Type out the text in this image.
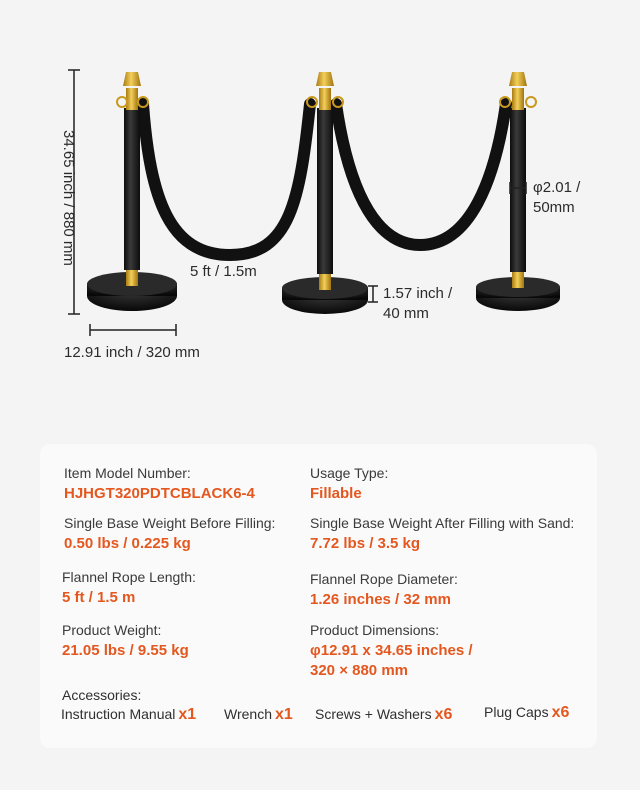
34.65 inch / 880 mm
12.91 inch / 320 mm
5 ft / 1.5m
1.57 inch /
40 mm
φ2.01 /
50mm
Item Model Number:
HJHGT320PDTCBLACK6-4
Usage Type:
Fillable
Single Base Weight Before Filling:
0.50 lbs / 0.225 kg
Single Base Weight After Filling with Sand:
7.72 lbs / 3.5 kg
Flannel Rope Length:
5 ft / 1.5 m
Flannel Rope Diameter:
1.26 inches / 32 mm
Product Weight:
21.05 lbs / 9.55 kg
Product Dimensions:
φ12.91 x 34.65 inches /
320 × 880 mm
Accessories:
Instruction Manual x1 Wrench x1 Screws + Washers x6 Plug Caps x6
